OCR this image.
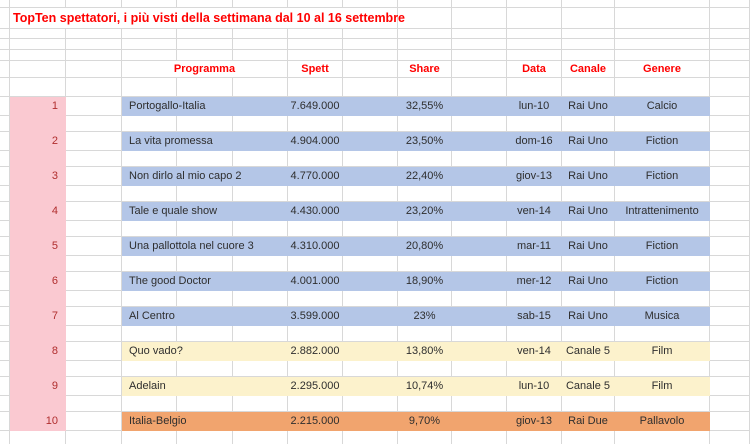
	TopTen spettatori, i più visti della settimana dal 10 al 16 settembre												

			Programma			Spett		Share		Data	Canale	Genere	

	1		Portogallo-Italia			7.649.000		32,55%		lun-10	Rai Uno	Calcio	

	2		La vita promessa			4.904.000		23,50%		dom-16	Rai Uno	Fiction	

	3		Non dirlo al mio capo 2			4.770.000		22,40%		giov-13	Rai Uno	Fiction	

	4		Tale e quale show			4.430.000		23,20%		ven-14	Rai Uno	Intrattenimento	

	5		Una pallottola nel cuore 3			4.310.000		20,80%		mar-11	Rai Uno	Fiction	

	6		The good Doctor			4.001.000		18,90%		mer-12	Rai Uno	Fiction	

	7		Al Centro			3.599.000		23%		sab-15	Rai Uno	Musica	

	8		Quo vado?			2.882.000		13,80%		ven-14	Canale 5	Film	

	9		Adelain			2.295.000		10,74%		lun-10	Canale 5	Film	

	10		Italia-Belgio			2.215.000		9,70%		giov-13	Rai Due	Pallavolo	
